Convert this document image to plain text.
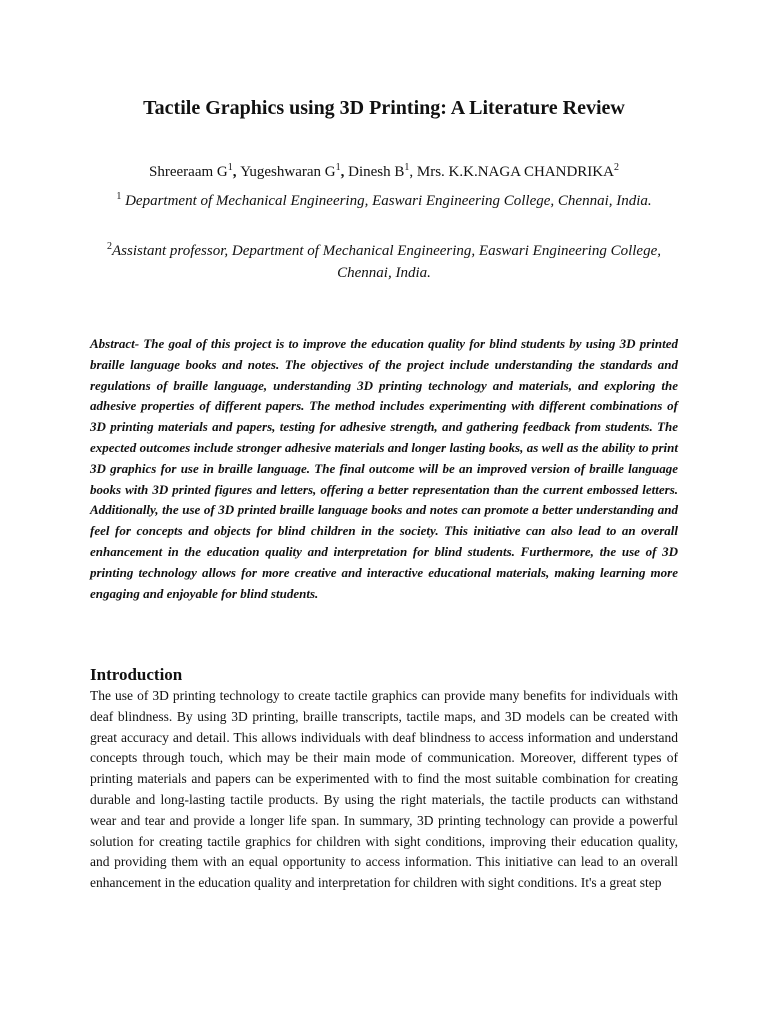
Tactile Graphics using 3D Printing: A Literature Review
Shreeraam $G^1$, Yugeshwaran $G^1$, Dinesh $B^1$, Mrs. K.K.NAGA CHANDRIKA$^2$
$^1$ Department of Mechanical Engineering, Easwari Engineering College, Chennai, India.
$^2$Assistant professor, Department of Mechanical Engineering, Easwari Engineering College, Chennai, India.

Abstract- The goal of this project is to improve the education quality for blind students by using 3D printed braille language books and notes. The objectives of the project include understanding the standards and regulations of braille language, understanding 3D printing technology and materials, and exploring the adhesive properties of different papers. The method includes experimenting with different combinations of 3D printing materials and papers, testing for adhesive strength, and gathering feedback from students. The expected outcomes include stronger adhesive materials and longer lasting books, as well as the ability to print 3D graphics for use in braille language. The final outcome will be an improved version of braille language books with 3D printed figures and letters, offering a better representation than the current embossed letters. Additionally, the use of 3D printed braille language books and notes can promote a better understanding and feel for concepts and objects for blind children in the society. This initiative can also lead to an overall enhancement in the education quality and interpretation for blind students. Furthermore, the use of 3D printing technology allows for more creative and interactive educational materials, making learning more engaging and enjoyable for blind students.

Introduction

The use of 3D printing technology to create tactile graphics can provide many benefits for individuals with deaf blindness. By using 3D printing, braille transcripts, tactile maps, and 3D models can be created with great accuracy and detail. This allows individuals with deaf blindness to access information and understand concepts through touch, which may be their main mode of communication. Moreover, different types of printing materials and papers can be experimented with to find the most suitable combination for creating durable and long-lasting tactile products. By using the right materials, the tactile products can withstand wear and tear and provide a longer life span. In summary, 3D printing technology can provide a powerful solution for creating tactile graphics for children with sight conditions, improving their education quality, and providing them with an equal opportunity to access information. This initiative can lead to an overall enhancement in the education quality and interpretation for children with sight conditions. It's a great step
